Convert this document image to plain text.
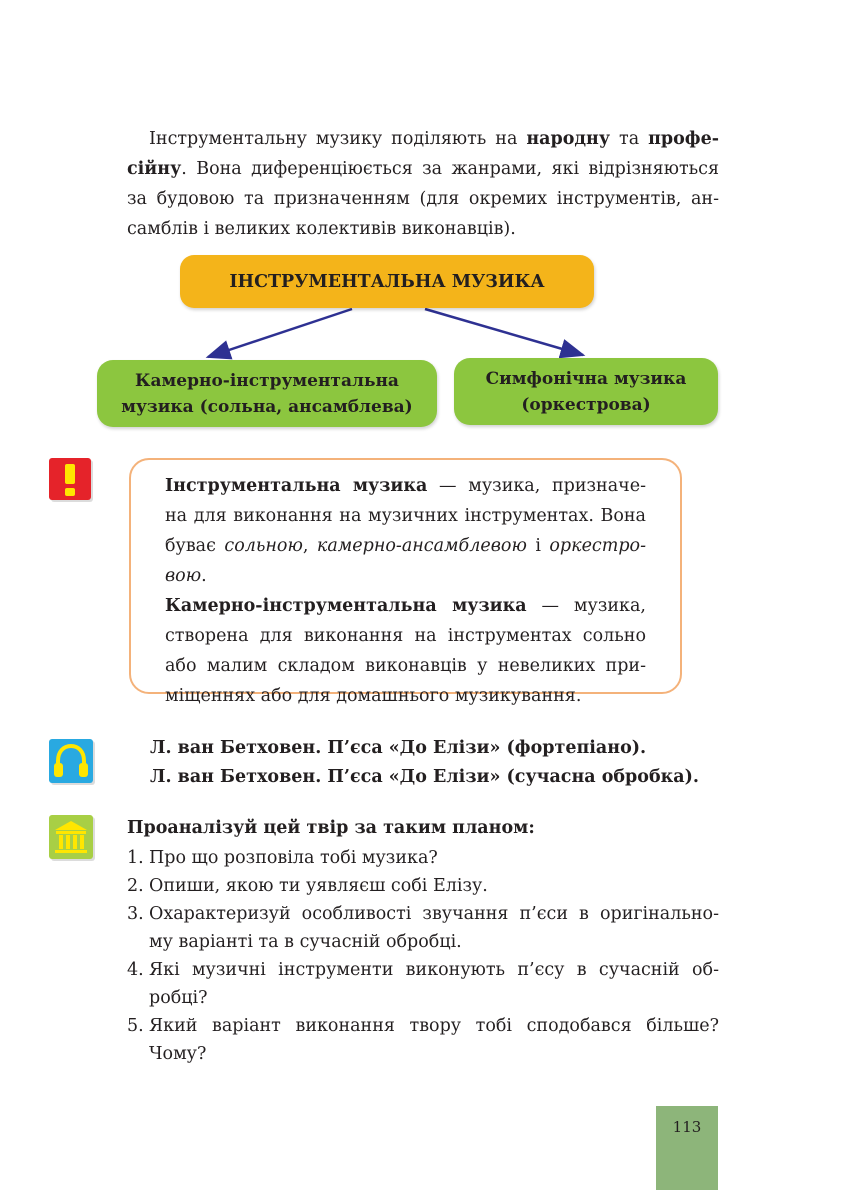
Інструментальну музику поділяють на народну та профе-
сійну. Вона диференціюється за жанрами, які відрізняються
за будовою та призначенням (для окремих інструментів, ан-
самблів і великих колективів виконавців).
ІНСТРУМЕНТАЛЬНА МУЗИКА
Камерно-інструментальна
музика (сольна, ансамблева)
Симфонічна музика
(оркестрова)
Інструментальна музика — музика, призначе-
на для виконання на музичних інструментах. Вона
буває сольною, камерно-ансамблевою і оркестро-
вою.
Камерно-інструментальна музика — музика,
створена для виконання на інструментах сольно
або малим складом виконавців у невеликих при-
міщеннях або для домашнього музикування.
Л. ван Бетховен. П’єса «До Елізи» (фортепіано).
Л. ван Бетховен. П’єса «До Елізи» (сучасна обробка).
Проаналізуй цей твір за таким планом:
1. Про що розповіла тобі музика?
2. Опиши, якою ти уявляєш собі Елізу.
3. Охарактеризуй особливості звучання п’єси в оригінально-
му варіанті та в сучасній обробці.
4. Які музичні інструменти виконують п’єсу в сучасній об-
робці?
5. Який варіант виконання твору тобі сподобався більше?
Чому?
113
